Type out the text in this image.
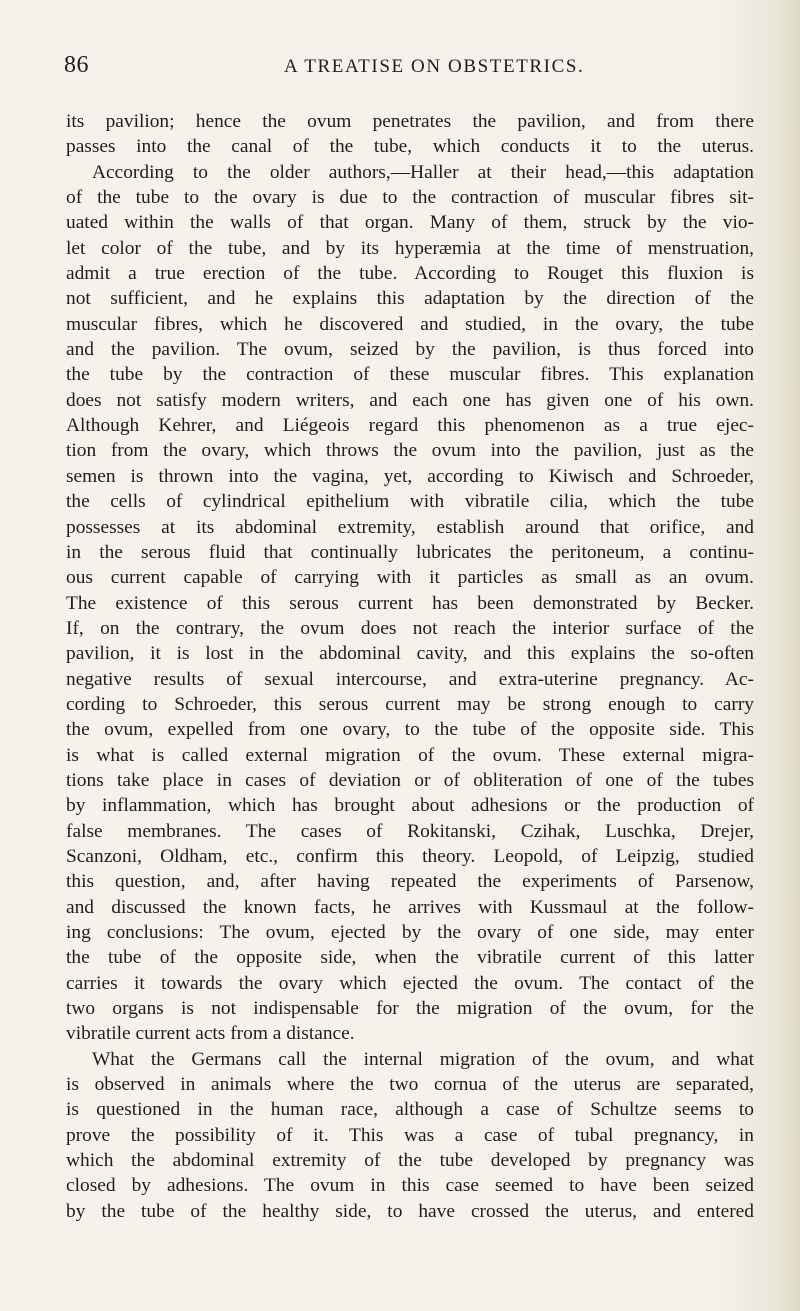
86	A TREATISE ON OBSTETRICS.
its pavilion; hence the ovum penetrates the pavilion, and from there
passes into the canal of the tube, which conducts it to the uterus.
According to the older authors,—Haller at their head,—this adaptation
of the tube to the ovary is due to the contraction of muscular fibres sit-
uated within the walls of that organ. Many of them, struck by the vio-
let color of the tube, and by its hyperæmia at the time of menstruation,
admit a true erection of the tube. According to Rouget this fluxion is
not sufficient, and he explains this adaptation by the direction of the
muscular fibres, which he discovered and studied, in the ovary, the tube
and the pavilion. The ovum, seized by the pavilion, is thus forced into
the tube by the contraction of these muscular fibres. This explanation
does not satisfy modern writers, and each one has given one of his own.
Although Kehrer, and Liégeois regard this phenomenon as a true ejec-
tion from the ovary, which throws the ovum into the pavilion, just as the
semen is thrown into the vagina, yet, according to Kiwisch and Schroeder,
the cells of cylindrical epithelium with vibratile cilia, which the tube
possesses at its abdominal extremity, establish around that orifice, and
in the serous fluid that continually lubricates the peritoneum, a continu-
ous current capable of carrying with it particles as small as an ovum.
The existence of this serous current has been demonstrated by Becker.
If, on the contrary, the ovum does not reach the interior surface of the
pavilion, it is lost in the abdominal cavity, and this explains the so-often
negative results of sexual intercourse, and extra-uterine pregnancy. Ac-
cording to Schroeder, this serous current may be strong enough to carry
the ovum, expelled from one ovary, to the tube of the opposite side. This
is what is called external migration of the ovum. These external migra-
tions take place in cases of deviation or of obliteration of one of the tubes
by inflammation, which has brought about adhesions or the production of
false membranes. The cases of Rokitanski, Czihak, Luschka, Drejer,
Scanzoni, Oldham, etc., confirm this theory. Leopold, of Leipzig, studied
this question, and, after having repeated the experiments of Parsenow,
and discussed the known facts, he arrives with Kussmaul at the follow-
ing conclusions: The ovum, ejected by the ovary of one side, may enter
the tube of the opposite side, when the vibratile current of this latter
carries it towards the ovary which ejected the ovum. The contact of the
two organs is not indispensable for the migration of the ovum, for the
vibratile current acts from a distance.
What the Germans call the internal migration of the ovum, and what
is observed in animals where the two cornua of the uterus are separated,
is questioned in the human race, although a case of Schultze seems to
prove the possibility of it. This was a case of tubal pregnancy, in
which the abdominal extremity of the tube developed by pregnancy was
closed by adhesions. The ovum in this case seemed to have been seized
by the tube of the healthy side, to have crossed the uterus, and entered
